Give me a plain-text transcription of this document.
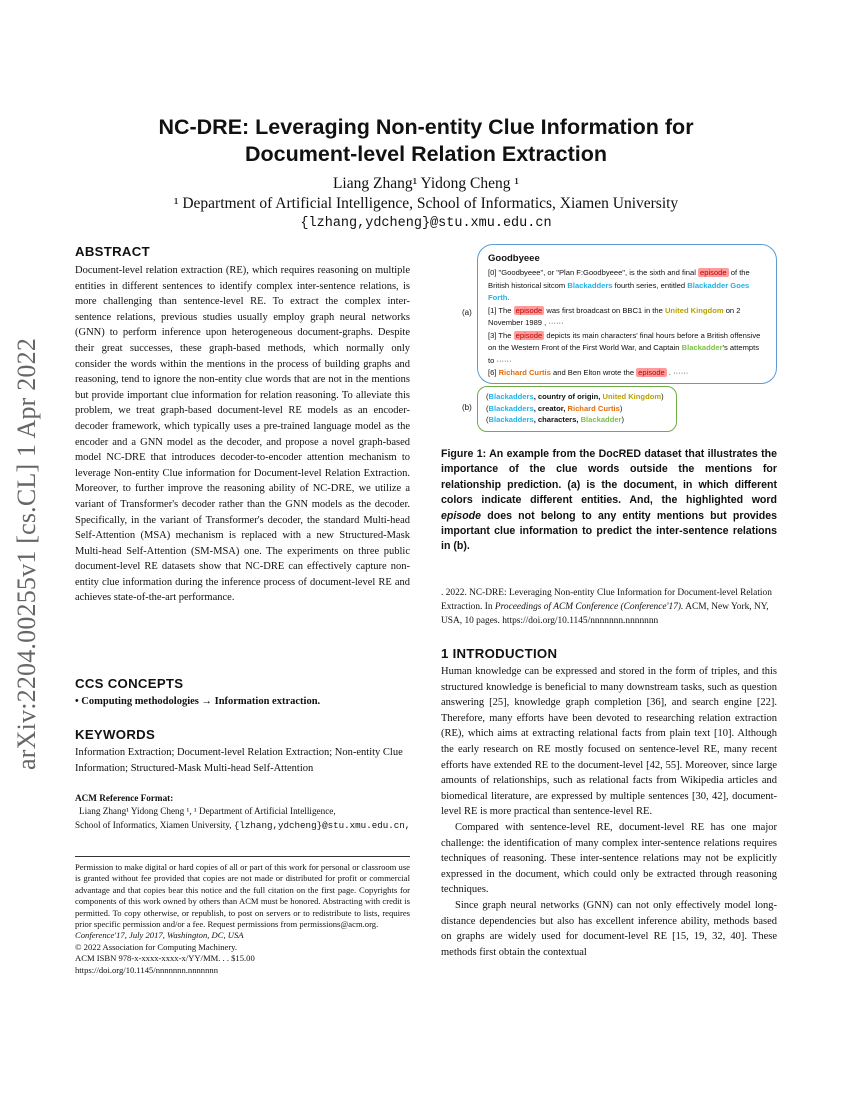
arXiv:2204.00255v1 [cs.CL] 1 Apr 2022
NC-DRE: Leveraging Non-entity Clue Information for
Document-level Relation Extraction
Liang Zhang¹ Yidong Cheng ¹
¹ Department of Artificial Intelligence, School of Informatics, Xiamen University
{lzhang,ydcheng}@stu.xmu.edu.cn
ABSTRACT
Document-level relation extraction (RE), which requires reasoning on multiple entities in different sentences to identify complex inter-sentence relations, is more challenging than sentence-level RE. To extract the complex inter-sentence relations, previous studies usually employ graph neural networks (GNN) to perform inference upon heterogeneous document-graphs. Despite their great successes, these graph-based methods, which normally only consider the words within the mentions in the process of building graphs and reasoning, tend to ignore the non-entity clue words that are not in the mentions but provide important clue information for relation reasoning. To alleviate this problem, we treat graph-based document-level RE models as an encoder-decoder framework, which typically uses a pre-trained language model as the encoder and a GNN model as the decoder, and propose a novel graph-based model NC-DRE that introduces decoder-to-encoder attention mechanism to leverage Non-entity Clue information for Document-level Relation Extraction. Moreover, to further improve the reasoning ability of NC-DRE, we utilize a variant of Transformer's decoder rather than the GNN models as the decoder. Specifically, in the variant of Transformer's decoder, the standard Multi-head Self-Attention (MSA) mechanism is replaced with a new Structured-Mask Multi-head Self-Attention (SM-MSA) one. The experiments on three public document-level RE datasets show that NC-DRE can effectively capture non-entity clue information during the inference process of document-level RE and achieves state-of-the-art performance.
CCS CONCEPTS
• Computing methodologies → Information extraction.
KEYWORDS
Information Extraction; Document-level Relation Extraction; Non-entity Clue Information; Structured-Mask Multi-head Self-Attention
ACM Reference Format:
Liang Zhang¹ Yidong Cheng ¹, ¹ Department of Artificial Intelligence,
School of Informatics, Xiamen University, {lzhang,ydcheng}@stu.xmu.edu.cn,
Permission to make digital or hard copies of all or part of this work for personal or classroom use is granted without fee provided that copies are not made or distributed for profit or commercial advantage and that copies bear this notice and the full citation on the first page. Copyrights for components of this work owned by others than ACM must be honored. Abstracting with credit is permitted. To copy otherwise, or republish, to post on servers or to redistribute to lists, requires prior specific permission and/or a fee. Request permissions from permissions@acm.org.
Conference'17, July 2017, Washington, DC, USA
© 2022 Association for Computing Machinery.
ACM ISBN 978-x-xxxx-xxxx-x/YY/MM. . . $15.00
https://doi.org/10.1145/nnnnnnn.nnnnnnn
(a)
Goodbyeee
[0] "Goodbyeee", or "Plan F:Goodbyeee", is the sixth and final episode of the British historical sitcom Blackadders fourth series, entitled Blackadder Goes Forth.
[1] The episode was first broadcast on BBC1 in the United Kingdom on 2 November 1989 , ······
[3] The episode depicts its main characters' final hours before a British offensive on the Western Front of the First World War, and Captain Blackadder's attempts to ······
[6] Richard Curtis and Ben Elton wrote the episode . ······
(b)
(Blackadders, country of origin, United Kingdom)
(Blackadders, creator, Richard Curtis)
(Blackadders, characters, Blackadder)
Figure 1: An example from the DocRED dataset that illustrates the importance of the clue words outside the mentions for relationship prediction. (a) is the document, in which different colors indicate different entities. And, the highlighted word episode does not belong to any entity mentions but provides important clue information to predict the inter-sentence relations in (b).
. 2022. NC-DRE: Leveraging Non-entity Clue Information for Document-level Relation Extraction. In Proceedings of ACM Conference (Conference'17). ACM, New York, NY, USA, 10 pages. https://doi.org/10.1145/nnnnnnn.nnnnnnn
1 INTRODUCTION
Human knowledge can be expressed and stored in the form of triples, and this structured knowledge is beneficial to many downstream tasks, such as question answering [25], knowledge graph completion [36], and search engine [22]. Therefore, many efforts have been devoted to researching relation extraction (RE), which aims at extracting relational facts from plain text [10]. Although the early research on RE mostly focused on sentence-level RE, many recent efforts have extended RE to the document-level [42, 55]. Moreover, since large amounts of relationships, such as relational facts from Wikipedia articles and biomedical literature, are expressed by multiple sentences [30, 42], document-level RE is more practical than sentence-level RE.
Compared with sentence-level RE, document-level RE has one major challenge: the identification of many complex inter-sentence relations requires techniques of reasoning. These inter-sentence relations may not be explicitly expressed in the document, which could only be extracted through reasoning techniques.
Since graph neural networks (GNN) can not only effectively model long-distance dependencies but also has excellent inference ability, methods based on graphs are widely used for document-level RE [15, 19, 32, 40]. These methods first obtain the contextual
